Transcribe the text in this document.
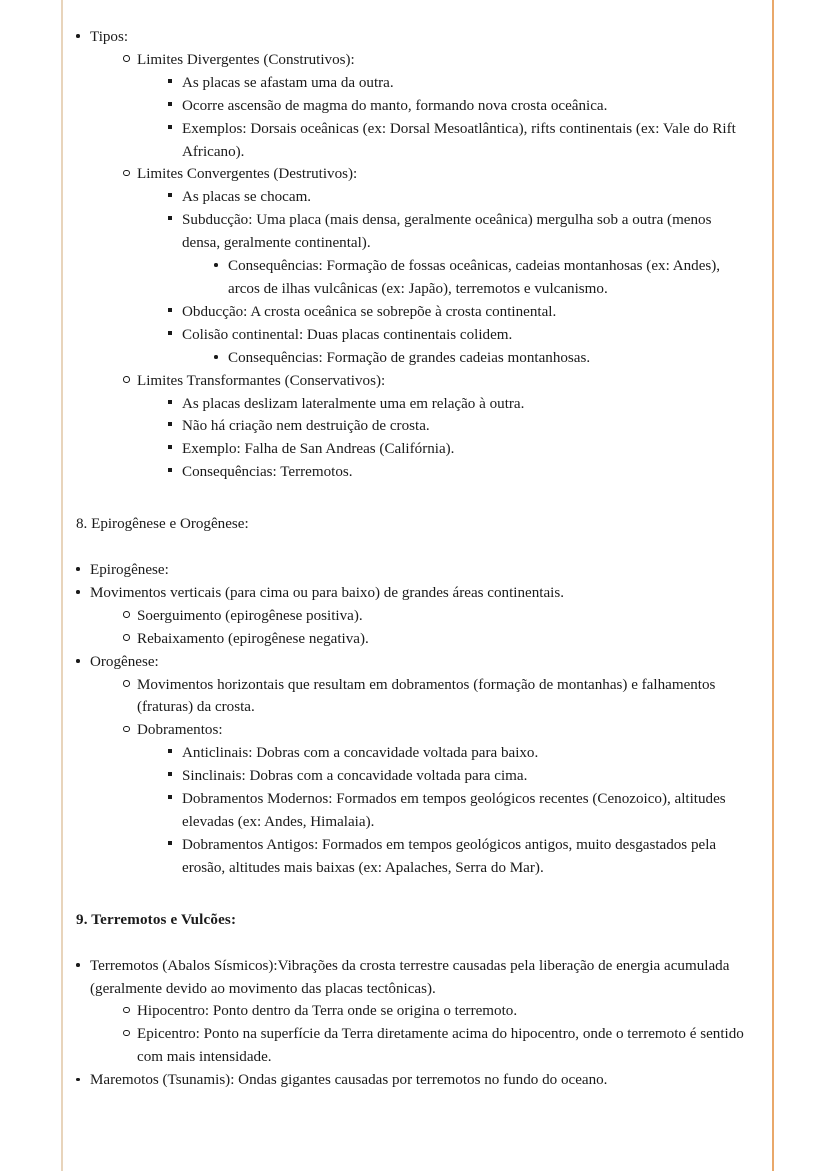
Tipos:
Limites Divergentes (Construtivos):
As placas se afastam uma da outra.
Ocorre ascensão de magma do manto, formando nova crosta oceânica.
Exemplos: Dorsais oceânicas (ex: Dorsal Mesoatlântica), rifts continentais (ex: Vale do Rift Africano).
Limites Convergentes (Destrutivos):
As placas se chocam.
Subducção: Uma placa (mais densa, geralmente oceânica) mergulha sob a outra (menos densa, geralmente continental).
Consequências: Formação de fossas oceânicas, cadeias montanhosas (ex: Andes), arcos de ilhas vulcânicas (ex: Japão), terremotos e vulcanismo.
Obducção: A crosta oceânica se sobrepõe à crosta continental.
Colisão continental: Duas placas continentais colidem.
Consequências: Formação de grandes cadeias montanhosas.
Limites Transformantes (Conservativos):
As placas deslizam lateralmente uma em relação à outra.
Não há criação nem destruição de crosta.
Exemplo: Falha de San Andreas (Califórnia).
Consequências: Terremotos.

8. Epirogênese e Orogênese:

Epirogênese:
Movimentos verticais (para cima ou para baixo) de grandes áreas continentais.
Soerguimento (epirogênese positiva).
Rebaixamento (epirogênese negativa).
Orogênese:
Movimentos horizontais que resultam em dobramentos (formação de montanhas) e falhamentos (fraturas) da crosta.
Dobramentos:
Anticlinais: Dobras com a concavidade voltada para baixo.
Sinclinais: Dobras com a concavidade voltada para cima.
Dobramentos Modernos: Formados em tempos geológicos recentes (Cenozoico), altitudes elevadas (ex: Andes, Himalaia).
Dobramentos Antigos: Formados em tempos geológicos antigos, muito desgastados pela erosão, altitudes mais baixas (ex: Apalaches, Serra do Mar).

9. Terremotos e Vulcões:

Terremotos (Abalos Sísmicos):Vibrações da crosta terrestre causadas pela liberação de energia acumulada (geralmente devido ao movimento das placas tectônicas).
Hipocentro: Ponto dentro da Terra onde se origina o terremoto.
Epicentro: Ponto na superfície da Terra diretamente acima do hipocentro, onde o terremoto é sentido com mais intensidade.
Maremotos (Tsunamis): Ondas gigantes causadas por terremotos no fundo do oceano.
